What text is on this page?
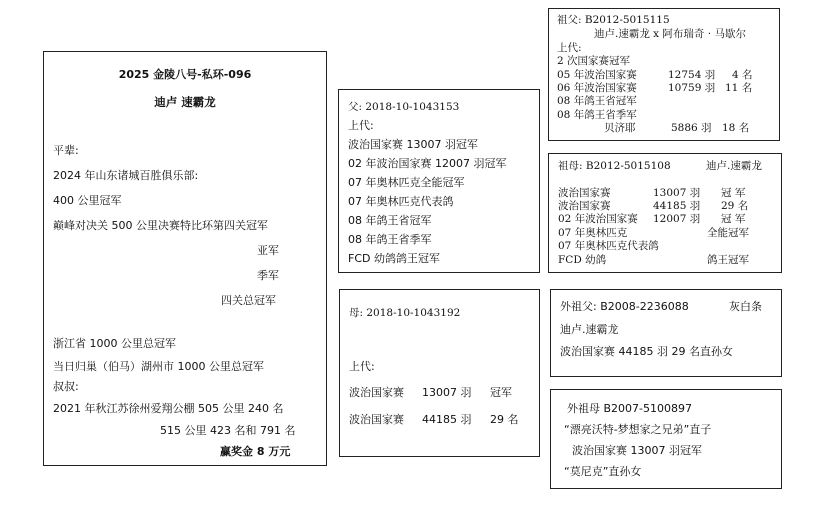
2025 金陵八号-私环-096
迪卢 速霸龙
平辈:
2024 年山东诸城百胜俱乐部:
400 公里冠军
巅峰对决关 500 公里决赛特比环第四关冠军
亚军
季军
四关总冠军
浙江省 1000 公里总冠军
当日归巢（伯马）湖州市 1000 公里总冠军
叔叔:
2021 年秋江苏徐州爱翔公棚 505 公里 240 名
515 公里 423 名和 791 名
赢奖金 8 万元
父: 2018-10-1043153
上代:
波治国家赛 13007 羽冠军
02 年波治国家赛 12007 羽冠军
07 年奥林匹克全能冠军
07 年奥林匹克代表鸽
08 年鸽王省冠军
08 年鸽王省季军
FCD 幼鸽鸽王冠军
母: 2018-10-1043192
上代:
波治国家赛 13007 羽 冠军
波治国家赛 44185 羽 29 名
祖父: B2012-5015115
迪卢.速霸龙 x 阿布瑞奇 · 马歇尔
上代:
2 次国家赛冠军
05 年波治国家赛	12754 羽 4 名
06 年波治国家赛	10759 羽 11 名
08 年鸽王省冠军
08 年鸽王省季军
贝济耶	5886 羽 18 名
祖母: B2012-5015108	迪卢.速霸龙
波治国家赛	13007 羽 冠 军
波治国家赛	44185 羽 29 名
02 年波治国家赛 12007 羽 冠 军
07 年奥林匹克	全能冠军
07 年奥林匹克代表鸽
FCD 幼鸽	鸽王冠军
外祖父: B2008-2236088	灰白条
迪卢.速霸龙
波治国家赛 44185 羽 29 名直孙女
外祖母 B2007-5100897
“漂亮沃特-梦想家之兄弟”直子
波治国家赛 13007 羽冠军
“莫尼克”直孙女
